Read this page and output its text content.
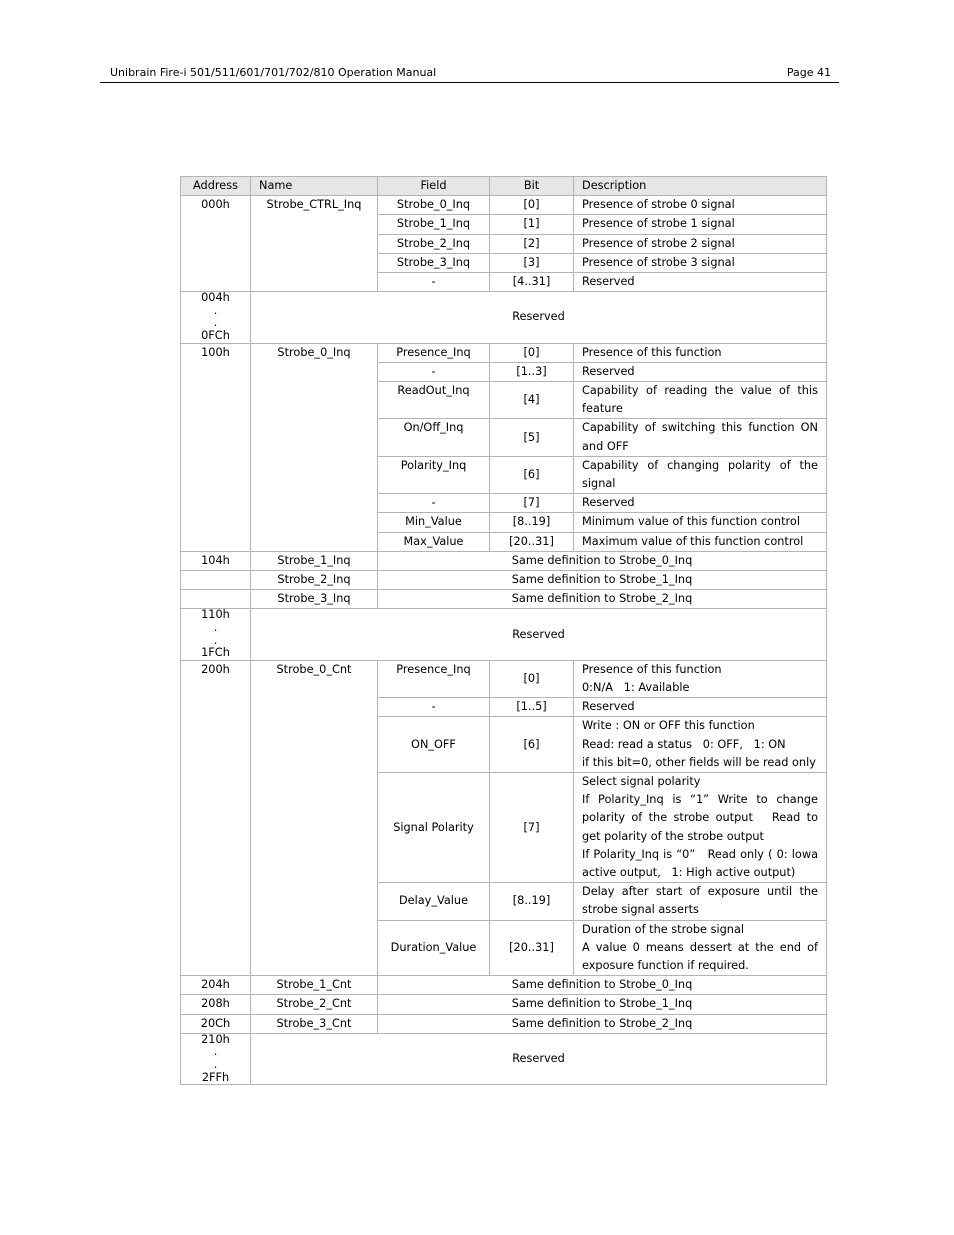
Unibrain Fire-i 501/511/601/701/702/810 Operation Manual	Page 41
Address	Name	Field	Bit	Description
000h	Strobe_CTRL_Inq	Strobe_0_Inq	[0]	Presence of strobe 0 signal
		Strobe_1_Inq	[1]	Presence of strobe 1 signal
		Strobe_2_Inq	[2]	Presence of strobe 2 signal
		Strobe_3_Inq	[3]	Presence of strobe 3 signal
		-	[4..31]	Reserved

004h
.
.
0FCh	Reserved			
100h	Strobe_0_Inq	Presence_Inq	[0]	Presence of this function
		-	[1..3]	Reserved
		ReadOut_Inq	[4]	Capability of reading the value of this feature
		On/Off_Inq	[5]	Capability of switching this function ON and OFF
		Polarity_Inq	[6]	Capability of changing polarity of the signal
		-	[7]	Reserved
		Min_Value	[8..19]	Minimum value of this function control
		Max_Value	[20..31]	Maximum value of this function control
104h	Strobe_1_Inq	Same definition to Strobe_0_Inq		
	Strobe_2_Inq	Same definition to Strobe_1_Inq		
	Strobe_3_Inq	Same definition to Strobe_2_Inq		

110h
.
.
1FCh	Reserved			
200h	Strobe_0_Cnt	Presence_Inq	[0]	Presence of this function
0:N/A   1: Available

		-	[1..5]	Reserved
		ON_OFF	[6]	Write : ON or OFF this function
Read: read a status   0: OFF,   1: ON
if this bit=0, other fields will be read only

		Signal Polarity	[7]	Select signal polarity
If Polarity_Inq is “1” Write to change polarity of the strobe output   Read to get polarity of the strobe output
If Polarity_Inq is “0”   Read only ( 0: lowa active output,   1: High active output)

		Delay_Value	[8..19]	Delay after start of exposure until the strobe signal asserts
		Duration_Value	[20..31]	Duration of the strobe signal
A value 0 means dessert at the end of exposure function if required.

204h	Strobe_1_Cnt	Same definition to Strobe_0_Inq		
208h	Strobe_2_Cnt	Same definition to Strobe_1_Inq		
20Ch	Strobe_3_Cnt	Same definition to Strobe_2_Inq		

210h
.
.
2FFh	Reserved			
